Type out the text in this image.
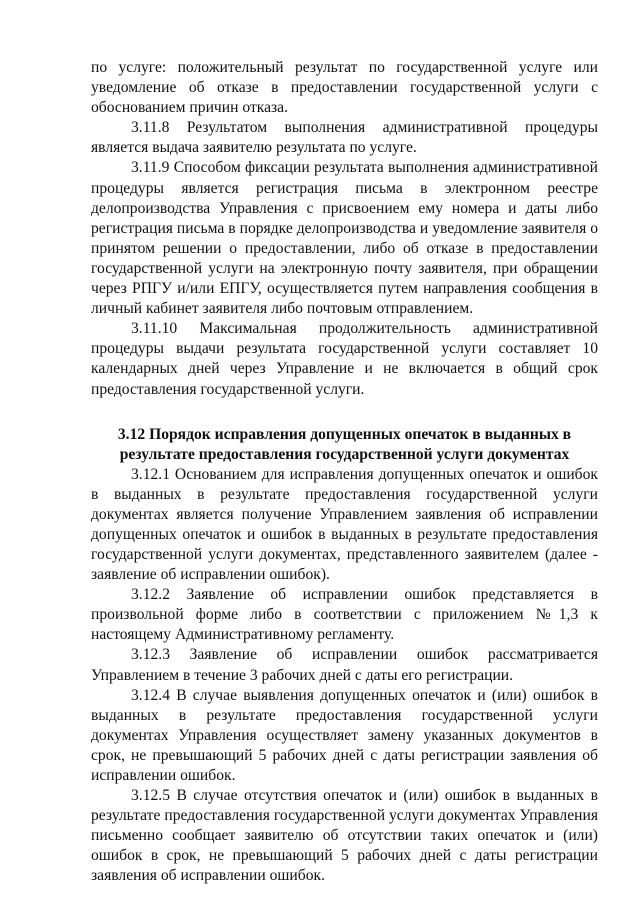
по услуге: положительный результат по государственной услуге или уведомление об отказе в предоставлении государственной услуги с обоснованием причин отказа.

3.11.8 Результатом выполнения административной процедуры является выдача заявителю результата по услуге.

3.11.9 Способом фиксации результата выполнения административной процедуры является регистрация письма в электронном реестре делопроизводства Управления с присвоением ему номера и даты либо регистрация письма в порядке делопроизводства и уведомление заявителя о принятом решении о предоставлении, либо об отказе в предоставлении государственной услуги на электронную почту заявителя, при обращении через РПГУ и/или ЕПГУ, осуществляется путем направления сообщения в личный кабинет заявителя либо почтовым отправлением.

3.11.10 Максимальная продолжительность административной процедуры выдачи результата государственной услуги составляет 10 календарных дней через Управление и не включается в общий срок предоставления государственной услуги.

3.12 Порядок исправления допущенных опечаток в выданных в
результате предоставления государственной услуги документах

3.12.1 Основанием для исправления допущенных опечаток и ошибок в выданных в результате предоставления государственной услуги документах является получение Управлением заявления об исправлении допущенных опечаток и ошибок в выданных в результате предоставления государственной услуги документах, представленного заявителем (далее - заявление об исправлении ошибок).

3.12.2 Заявление об исправлении ошибок представляется в произвольной форме либо в соответствии с приложением №1,3 к настоящему Административному регламенту.

3.12.3 Заявление об исправлении ошибок рассматривается Управлением в течение 3 рабочих дней с даты его регистрации.

3.12.4 В случае выявления допущенных опечаток и (или) ошибок в выданных в результате предоставления государственной услуги документах Управления осуществляет замену указанных документов в срок, не превышающий 5 рабочих дней с даты регистрации заявления об исправлении ошибок.

3.12.5 В случае отсутствия опечаток и (или) ошибок в выданных в результате предоставления государственной услуги документах Управления письменно сообщает заявителю об отсутствии таких опечаток и (или) ошибок в срок, не превышающий 5 рабочих дней с даты регистрации заявления об исправлении ошибок.
